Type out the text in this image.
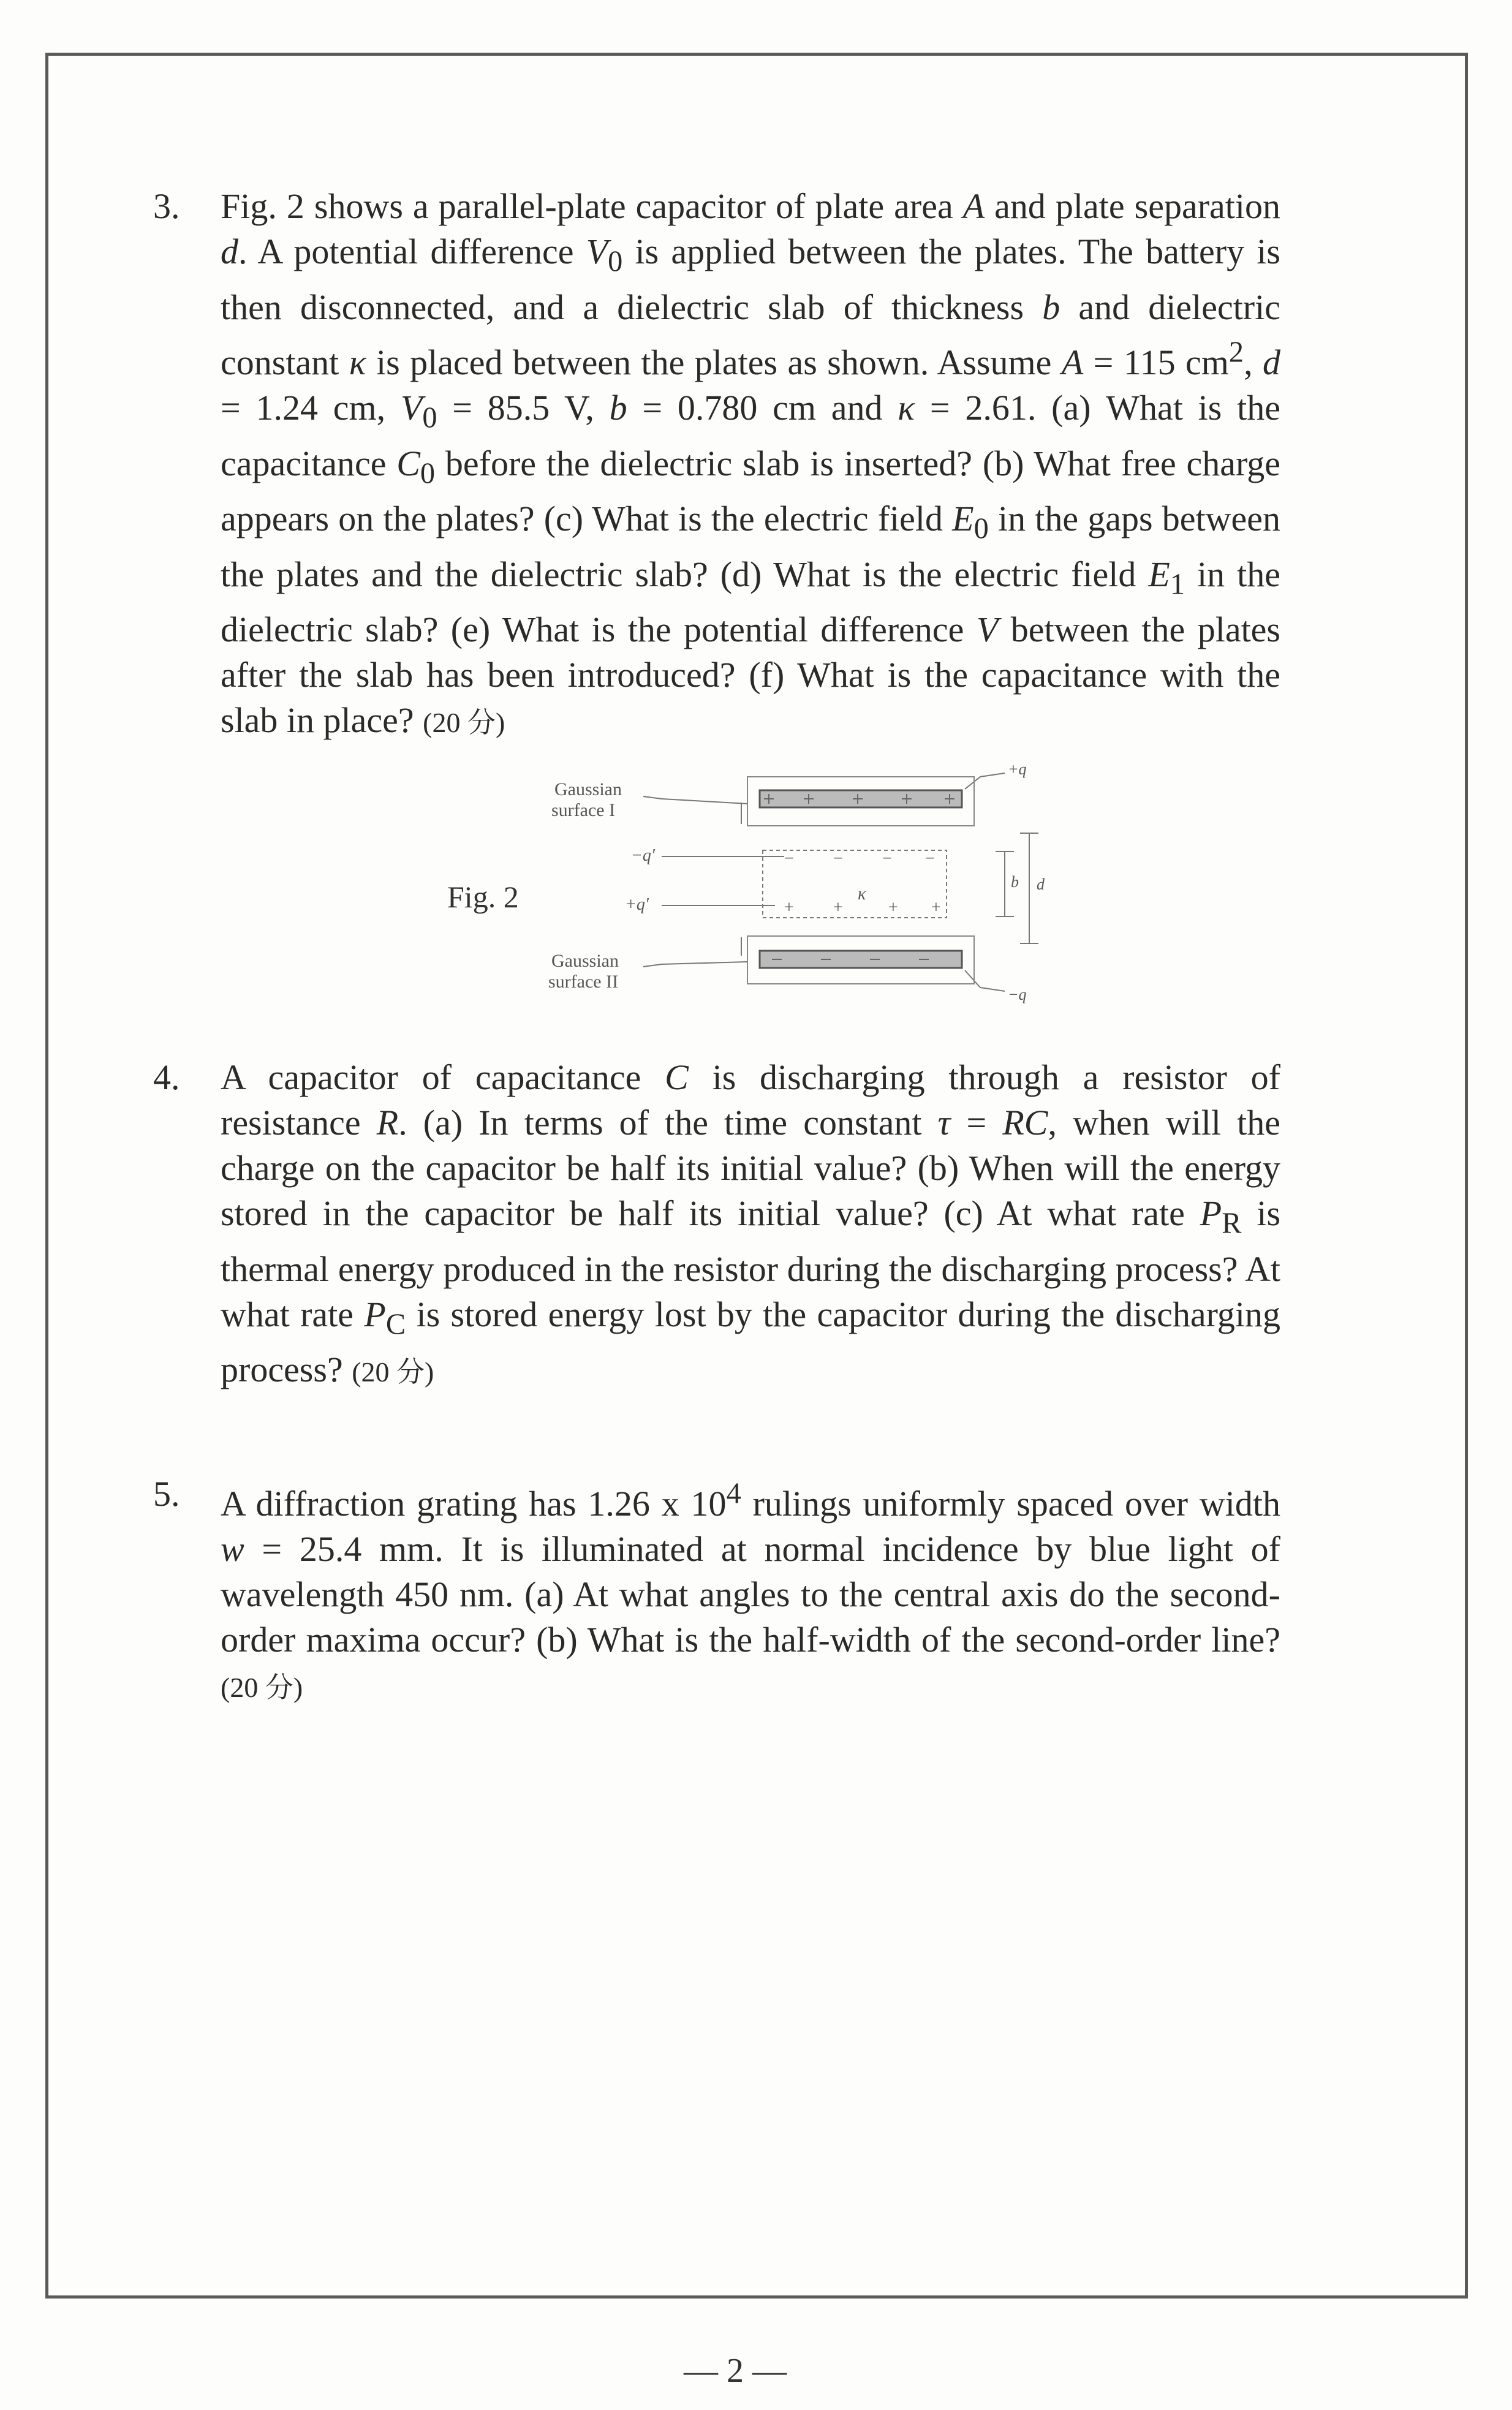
3. Fig. 2 shows a parallel-plate capacitor of plate area A and plate separation d. A potential difference $V_0$ is applied between the plates. The battery is then disconnected, and a dielectric slab of thickness b and dielectric constant κ is placed between the plates as shown. Assume A = 115 $cm^2$, d = 1.24 cm, $V_0 = 85.5$ V, b = 0.780 cm and κ = 2.61. (a) What is the capacitance $C_0$ before the dielectric slab is inserted? (b) What free charge appears on the plates? (c) What is the electric field $E_0$ in the gaps between the plates and the dielectric slab? (d) What is the electric field $E_1$ in the dielectric slab? (e) What is the potential difference V between the plates after the slab has been introduced? (f) What is the capacitance with the slab in place? (20 分)
Fig. 2
− − − −
+ +	+ +
κ
b d
Gaussian
surface I
−q′
+q′
Gaussian
surface II
+q
−q
4. A capacitor of capacitance C is discharging through a resistor of resistance R. (a) In terms of the time constant τ = RC, when will the charge on the capacitor be half its initial value? (b) When will the energy stored in the capacitor be half its initial value? (c) At what rate $P_R$ is thermal energy produced in the resistor during the discharging process? At what rate $P_C$ is stored energy lost by the capacitor during the discharging process? (20 分)
5. A diffraction grating has 1.26 x $10^4$ rulings uniformly spaced over width w = 25.4 mm. It is illuminated at normal incidence by blue light of wavelength 450 nm. (a) At what angles to the central axis do the second-order maxima occur? (b) What is the half-width of the second-order line? (20 分)
— 2 —
